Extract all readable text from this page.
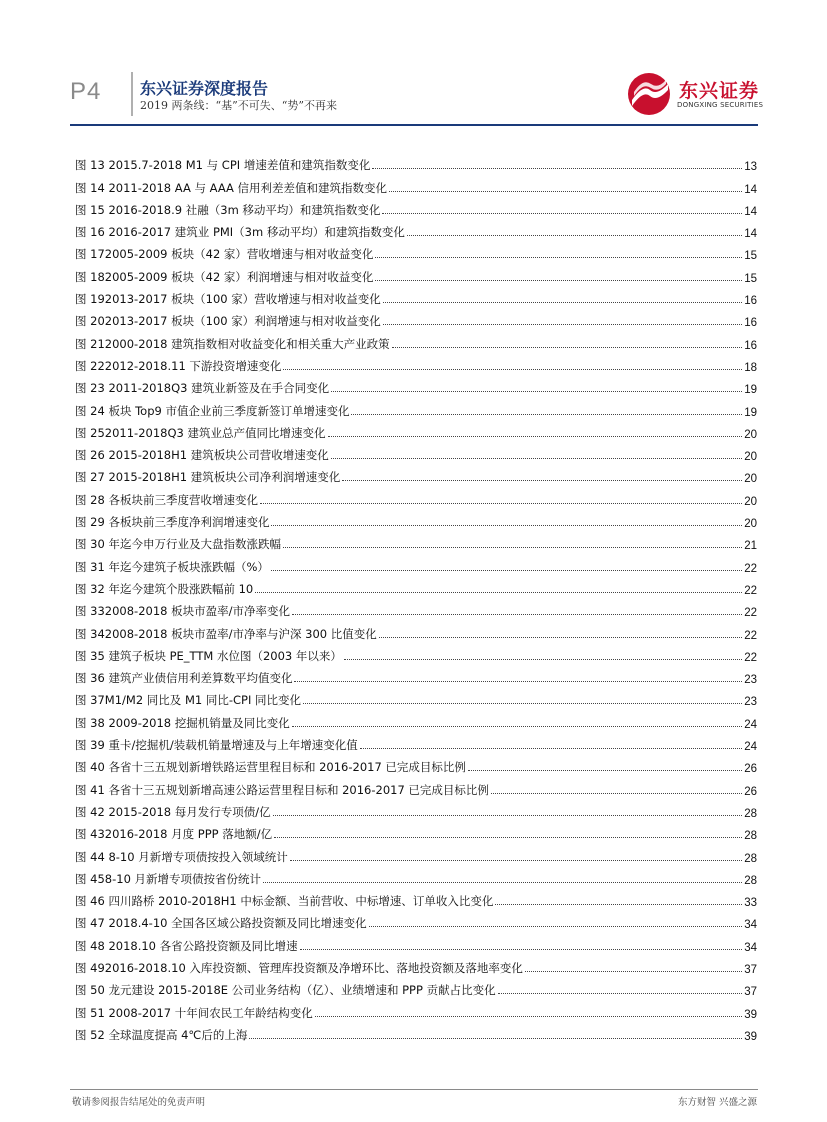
P4 东兴证券深度报告
2019 两条线：“基”不可失、“势”不再来
东兴证券
DONGXING SECURITIES
图 13 2015.7-2018 M1 与 CPI 增速差值和建筑指数变化	13
图 14 2011-2018 AA 与 AAA 信用利差差值和建筑指数变化	14
图 15 2016-2018.9 社融（3m 移动平均）和建筑指数变化	14
图 16 2016-2017 建筑业 PMI（3m 移动平均）和建筑指数变化	14
图 172005-2009 板块（42 家）营收增速与相对收益变化	15
图 182005-2009 板块（42 家）利润增速与相对收益变化	15
图 192013-2017 板块（100 家）营收增速与相对收益变化	16
图 202013-2017 板块（100 家）利润增速与相对收益变化	16
图 212000-2018 建筑指数相对收益变化和相关重大产业政策	16
图 222012-2018.11 下游投资增速变化	18
图 23 2011-2018Q3 建筑业新签及在手合同变化	19
图 24 板块 Top9 市值企业前三季度新签订单增速变化	19
图 252011-2018Q3 建筑业总产值同比增速变化	20
图 26 2015-2018H1 建筑板块公司营收增速变化	20
图 27 2015-2018H1 建筑板块公司净利润增速变化	20
图 28 各板块前三季度营收增速变化	20
图 29 各板块前三季度净利润增速变化	20
图 30 年迄今申万行业及大盘指数涨跌幅	21
图 31 年迄今建筑子板块涨跌幅（%）	22
图 32 年迄今建筑个股涨跌幅前 10	22
图 332008-2018 板块市盈率/市净率变化	22
图 342008-2018 板块市盈率/市净率与沪深 300 比值变化	22
图 35 建筑子板块 PE_TTM 水位图（2003 年以来）	22
图 36 建筑产业债信用利差算数平均值变化	23
图 37M1/M2 同比及 M1 同比-CPI 同比变化	23
图 38 2009-2018 挖掘机销量及同比变化	24
图 39 重卡/挖掘机/装载机销量增速及与上年增速变化值	24
图 40 各省十三五规划新增铁路运营里程目标和 2016-2017 已完成目标比例	26
图 41 各省十三五规划新增高速公路运营里程目标和 2016-2017 已完成目标比例	26
图 42 2015-2018 每月发行专项债/亿	28
图 432016-2018 月度 PPP 落地额/亿	28
图 44 8-10 月新增专项债按投入领域统计	28
图 458-10 月新增专项债按省份统计	28
图 46 四川路桥 2010-2018H1 中标金额、当前营收、中标增速、订单收入比变化	33
图 47 2018.4-10 全国各区域公路投资额及同比增速变化	34
图 48 2018.10 各省公路投资额及同比增速	34
图 492016-2018.10 入库投资额、管理库投资额及净增环比、落地投资额及落地率变化	37
图 50 龙元建设 2015-2018E 公司业务结构（亿）、业绩增速和 PPP 贡献占比变化	37
图 51 2008-2017 十年间农民工年龄结构变化	39
图 52 全球温度提高 4℃后的上海	39
敬请参阅报告结尾处的免责声明	东方财智 兴盛之源
